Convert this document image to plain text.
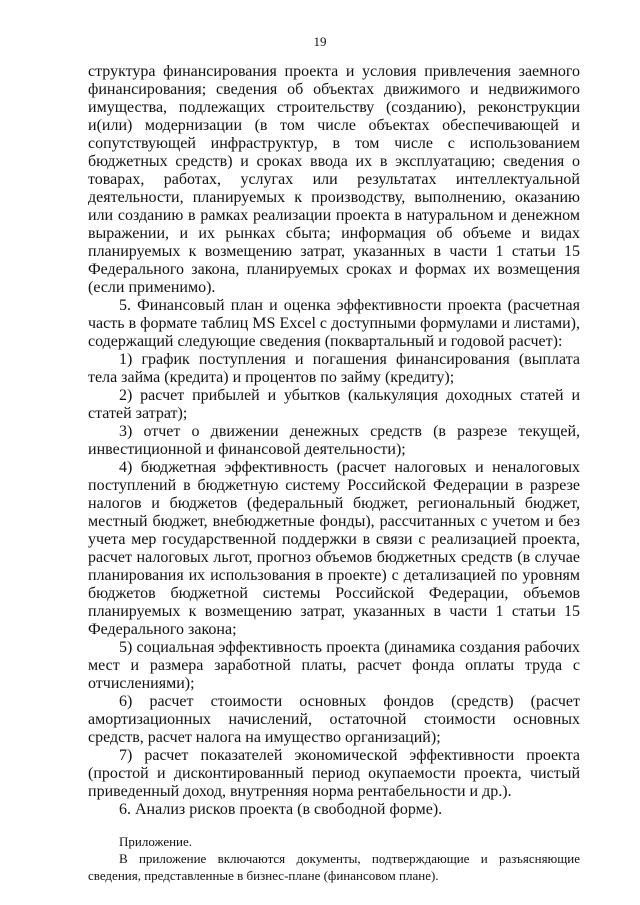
19

структура финансирования проекта и условия привлечения заемного финансирования; сведения об объектах движимого и недвижимого имущества, подлежащих строительству (созданию), реконструкции и(или) модернизации (в том числе объектах обеспечивающей и сопутствующей инфраструктур, в том числе с использованием бюджетных средств) и сроках ввода их в эксплуатацию; сведения о товарах, работах, услугах или результатах интеллектуальной деятельности, планируемых к производству, выполнению, оказанию или созданию в рамках реализации проекта в натуральном и денежном выражении, и их рынках сбыта; информация об объеме и видах планируемых к возмещению затрат, указанных в части 1 статьи 15 Федерального закона, планируемых сроках и формах их возмещения (если применимо).

5. Финансовый план и оценка эффективности проекта (расчетная часть в формате таблиц MS Excel с доступными формулами и листами), содержащий следующие сведения (поквартальный и годовой расчет):

1) график поступления и погашения финансирования (выплата тела займа (кредита) и процентов по займу (кредиту);

2) расчет прибылей и убытков (калькуляция доходных статей и статей затрат);

3) отчет о движении денежных средств (в разрезе текущей, инвестиционной и финансовой деятельности);

4) бюджетная эффективность (расчет налоговых и неналоговых поступлений в бюджетную систему Российской Федерации в разрезе налогов и бюджетов (федеральный бюджет, региональный бюджет, местный бюджет, внебюджетные фонды), рассчитанных с учетом и без учета мер государственной поддержки в связи с реализацией проекта, расчет налоговых льгот, прогноз объемов бюджетных средств (в случае планирования их использования в проекте) с детализацией по уровням бюджетов бюджетной системы Российской Федерации, объемов планируемых к возмещению затрат, указанных в части 1 статьи 15 Федерального закона;

5) социальная эффективность проекта (динамика создания рабочих мест и размера заработной платы, расчет фонда оплаты труда с отчислениями);

6) расчет стоимости основных фондов (средств) (расчет амортизационных начислений, остаточной стоимости основных средств, расчет налога на имущество организаций);

7) расчет показателей экономической эффективности проекта (простой и дисконтированный период окупаемости проекта, чистый приведенный доход, внутренняя норма рентабельности и др.).

6. Анализ рисков проекта (в свободной форме).

Приложение.

В приложение включаются документы, подтверждающие и разъясняющие сведения, представленные в бизнес-плане (финансовом плане).
